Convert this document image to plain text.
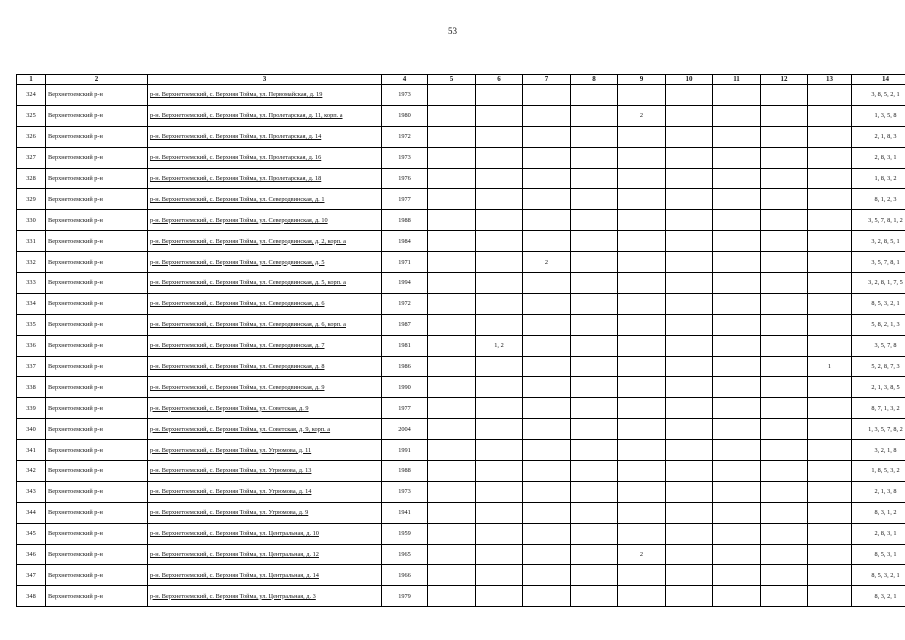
53
1	2	3	4	5	6	7	8	9	10	11	12	13	14
324	Верхнетоемский р-н	р-н. Верхнетоемский, с. Верхняя Тойма, ул. Первомайская, д. 19	1973										3, 8, 5, 2, 1
325	Верхнетоемский р-н	р-н. Верхнетоемский, с. Верхняя Тойма, ул. Пролетарская, д. 11, корп. а	1980					2					1, 3, 5, 8
326	Верхнетоемский р-н	р-н. Верхнетоемский, с. Верхняя Тойма, ул. Пролетарская, д. 14	1972										2, 1, 8, 3
327	Верхнетоемский р-н	р-н. Верхнетоемский, с. Верхняя Тойма, ул. Пролетарская, д. 16	1973										2, 8, 3, 1
328	Верхнетоемский р-н	р-н. Верхнетоемский, с. Верхняя Тойма, ул. Пролетарская, д. 18	1976										1, 8, 3, 2
329	Верхнетоемский р-н	р-н. Верхнетоемский, с. Верхняя Тойма, ул. Северодвинская, д. 1	1977										8, 1, 2, 3
330	Верхнетоемский р-н	р-н. Верхнетоемский, с. Верхняя Тойма, ул. Северодвинская, д. 10	1988										3, 5, 7, 8, 1, 2
331	Верхнетоемский р-н	р-н. Верхнетоемский, с. Верхняя Тойма, ул. Северодвинская, д. 2, корп. а	1984										3, 2, 8, 5, 1
332	Верхнетоемский р-н	р-н. Верхнетоемский, с. Верхняя Тойма, ул. Северодвинская, д. 5	1971			2							3, 5, 7, 8, 1
333	Верхнетоемский р-н	р-н. Верхнетоемский, с. Верхняя Тойма, ул. Северодвинская, д. 5, корп. а	1994										3, 2, 8, 1, 7, 5
334	Верхнетоемский р-н	р-н. Верхнетоемский, с. Верхняя Тойма, ул. Северодвинская, д. 6	1972										8, 5, 3, 2, 1
335	Верхнетоемский р-н	р-н. Верхнетоемский, с. Верхняя Тойма, ул. Северодвинская, д. 6, корп. а	1987										5, 8, 2, 1, 3
336	Верхнетоемский р-н	р-н. Верхнетоемский, с. Верхняя Тойма, ул. Северодвинская, д. 7	1981		1, 2								3, 5, 7, 8
337	Верхнетоемский р-н	р-н. Верхнетоемский, с. Верхняя Тойма, ул. Северодвинская, д. 8	1986									1	5, 2, 8, 7, 3
338	Верхнетоемский р-н	р-н. Верхнетоемский, с. Верхняя Тойма, ул. Северодвинская, д. 9	1990										2, 1, 3, 8, 5
339	Верхнетоемский р-н	р-н. Верхнетоемский, с. Верхняя Тойма, ул. Советская, д. 9	1977										8, 7, 1, 3, 2
340	Верхнетоемский р-н	р-н. Верхнетоемский, с. Верхняя Тойма, ул. Советская, д. 9, корп. а	2004										1, 3, 5, 7, 8, 2
341	Верхнетоемский р-н	р-н. Верхнетоемский, с. Верхняя Тойма, ул. Угрюмова, д. 11	1991										3, 2, 1, 8
342	Верхнетоемский р-н	р-н. Верхнетоемский, с. Верхняя Тойма, ул. Угрюмова, д. 13	1988										1, 8, 5, 3, 2
343	Верхнетоемский р-н	р-н. Верхнетоемский, с. Верхняя Тойма, ул. Угрюмова, д. 14	1973										2, 1, 3, 8
344	Верхнетоемский р-н	р-н. Верхнетоемский, с. Верхняя Тойма, ул. Угрюмова, д. 9	1941										8, 3, 1, 2
345	Верхнетоемский р-н	р-н. Верхнетоемский, с. Верхняя Тойма, ул. Центральная, д. 10	1959										2, 8, 3, 1
346	Верхнетоемский р-н	р-н. Верхнетоемский, с. Верхняя Тойма, ул. Центральная, д. 12	1965					2					8, 5, 3, 1
347	Верхнетоемский р-н	р-н. Верхнетоемский, с. Верхняя Тойма, ул. Центральная, д. 14	1966										8, 5, 3, 2, 1
348	Верхнетоемский р-н	р-н. Верхнетоемский, с. Верхняя Тойма, ул. Центральная, д. 3	1979										8, 3, 2, 1
